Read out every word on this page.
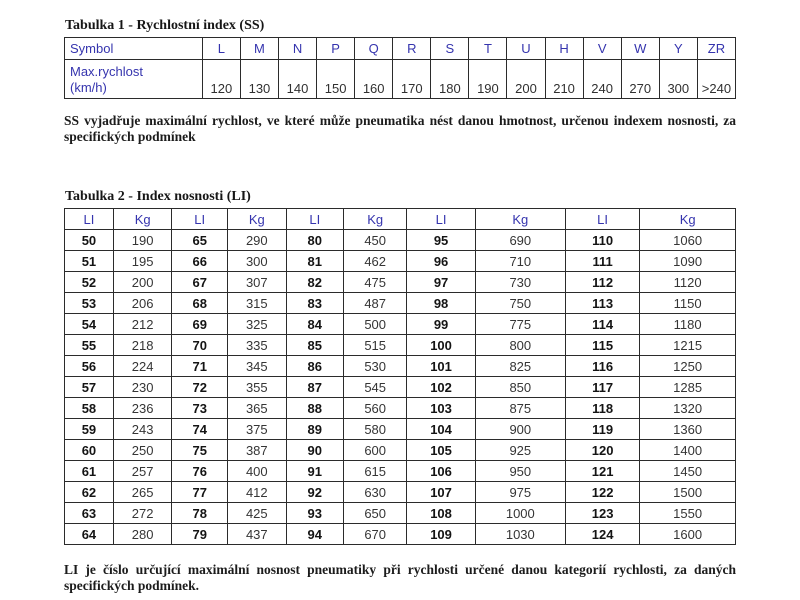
Tabulka 1 - Rychlostní index (SS)
Symbol	L	M	N	P	Q	R	S	T	U	H	V	W	Y	ZR

Max.rychlost
(km/h)	120	130	140	150	160	170	180	190	200	210	240	270	300	>240

SS vyjadřuje maximální rychlost, ve které může pneumatika nést danou hmotnost, určenou indexem nosnosti, za specifických podmínek

Tabulka 2 - Index nosnosti (LI)
LI	Kg	LI	Kg	LI	Kg	LI	Kg	LI	Kg
50	190	65	290	80	450	95	690	110	1060
51	195	66	300	81	462	96	710	111	1090
52	200	67	307	82	475	97	730	112	1120
53	206	68	315	83	487	98	750	113	1150
54	212	69	325	84	500	99	775	114	1180
55	218	70	335	85	515	100	800	115	1215
56	224	71	345	86	530	101	825	116	1250
57	230	72	355	87	545	102	850	117	1285
58	236	73	365	88	560	103	875	118	1320
59	243	74	375	89	580	104	900	119	1360
60	250	75	387	90	600	105	925	120	1400
61	257	76	400	91	615	106	950	121	1450
62	265	77	412	92	630	107	975	122	1500
63	272	78	425	93	650	108	1000	123	1550
64	280	79	437	94	670	109	1030	124	1600

LI je číslo určující maximální nosnost pneumatiky při rychlosti určené danou kategorií rychlosti, za daných specifických podmínek.
